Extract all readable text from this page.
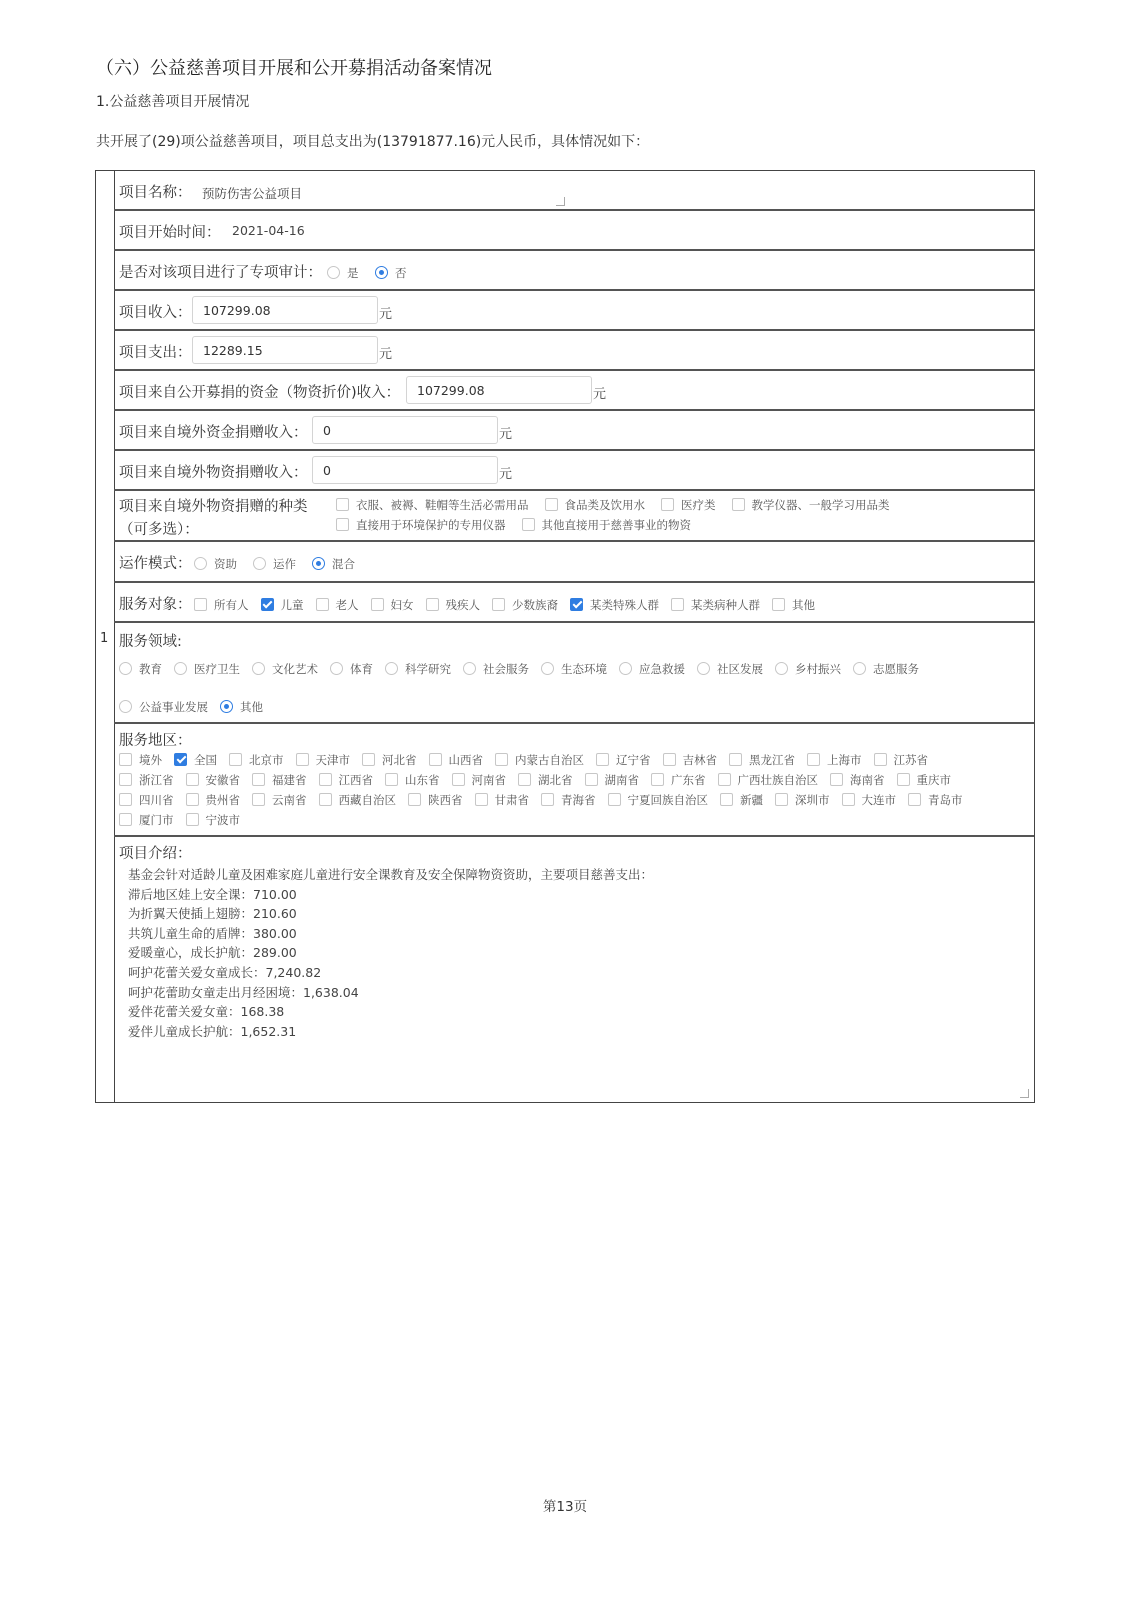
（六）公益慈善项目开展和公开募捐活动备案情况
1.公益慈善项目开展情况
共开展了(29)项公益慈善项目，项目总支出为(13791877.16)元人民币，具体情况如下：
1
项目名称： 预防伤害公益项目
项目开始时间： 2021-04-16
是否对该项目进行了专项审计：	是	否
项目收入： 107299.08	元
项目支出： 12289.15	元
项目来自公开募捐的资金（物资折价)收入：	107299.08	元
项目来自境外资金捐赠收入：	0	元
项目来自境外物资捐赠收入：	0	元
项目来自境外物资捐赠的种类
（可多选）：
衣服、被褥、鞋帽等生活必需用品	食品类及饮用水	医疗类	教学仪器、一般学习用品类
直接用于环境保护的专用仪器	其他直接用于慈善事业的物资
运作模式：	资助	运作	混合
服务对象：	所有人	儿童	老人	妇女	残疾人	少数族裔	某类特殊人群	某类病种人群	其他
服务领域:
教育	医疗卫生	文化艺术	体育	科学研究	社会服务	生态环境	应急救援	社区发展	乡村振兴	志愿服务
公益事业发展	其他
服务地区：
境外	全国	北京市	天津市	河北省	山西省	内蒙古自治区	辽宁省	吉林省	黑龙江省	上海市	江苏省
浙江省	安徽省	福建省	江西省	山东省	河南省	湖北省	湖南省	广东省	广西壮族自治区	海南省	重庆市
四川省	贵州省	云南省	西藏自治区	陕西省	甘肃省	青海省	宁夏回族自治区	新疆	深圳市	大连市	青岛市
厦门市	宁波市
项目介绍：
基金会针对适龄儿童及困难家庭儿童进行安全课教育及安全保障物资资助，主要项目慈善支出：
滞后地区娃上安全课：710.00
为折翼天使插上翅膀：210.60
共筑儿童生命的盾牌：380.00
爱暖童心，成长护航：289.00
呵护花蕾关爱女童成长：7,240.82
呵护花蕾助女童走出月经困境：1,638.04
爱伴花蕾关爱女童：168.38
爱伴儿童成长护航：1,652.31
第13页
